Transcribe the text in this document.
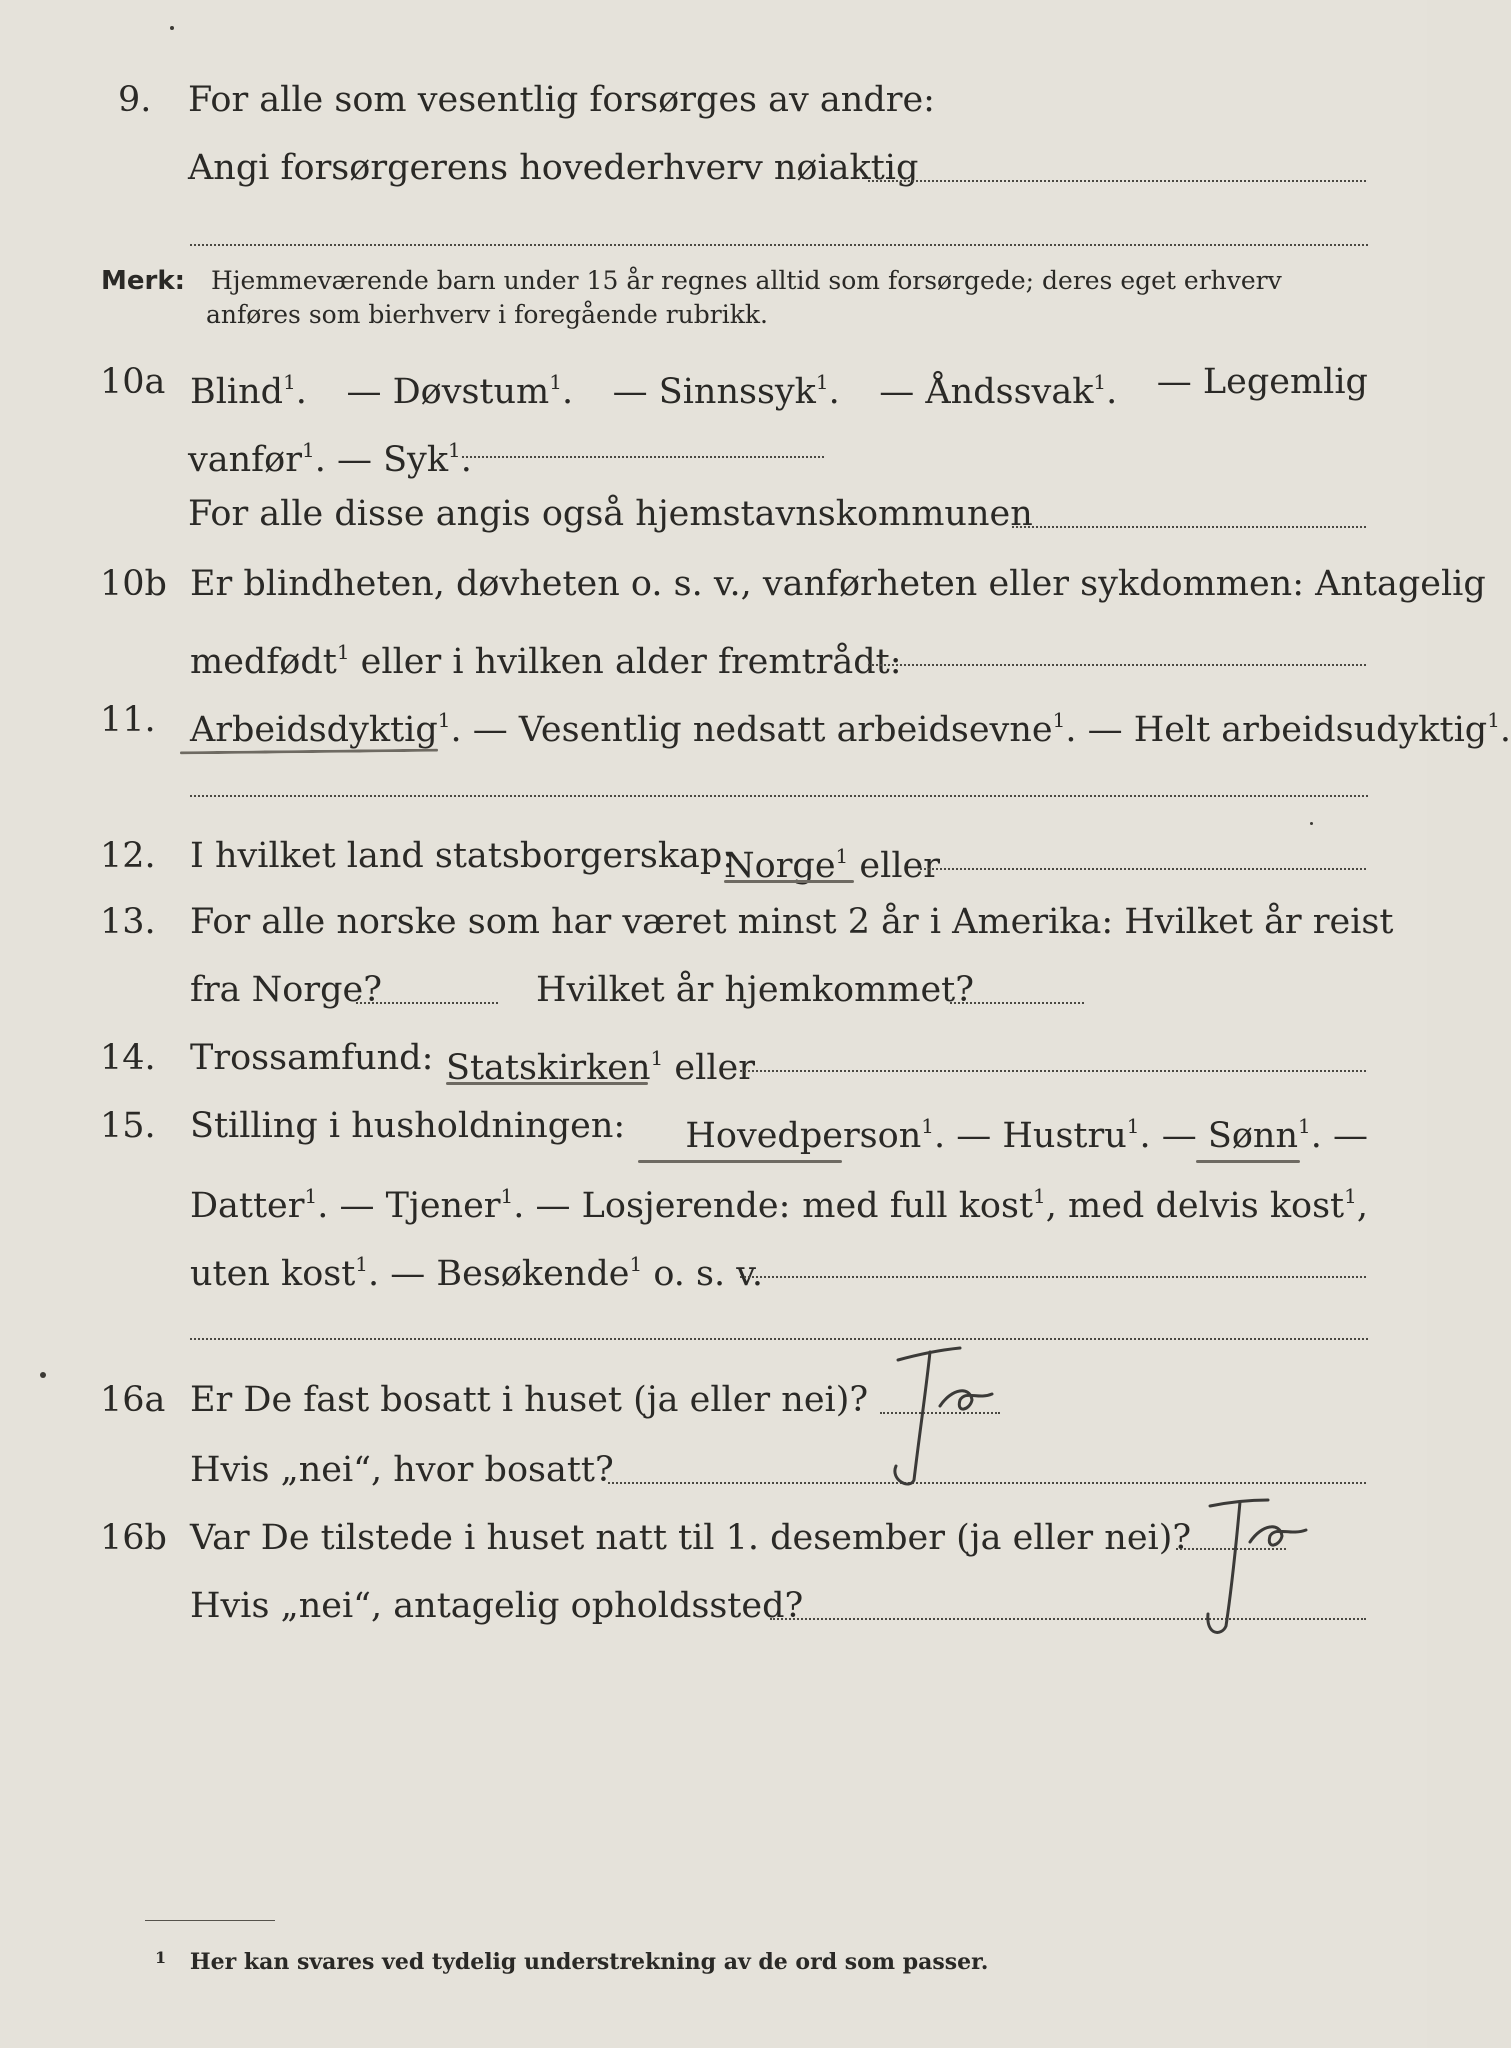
9. For alle som vesentlig forsørges av andre:
Angi forsørgerens hovederhverv nøiaktig
Merk: Hjemmeværende barn under 15 år regnes alltid som forsørgede; deres eget erhverv
anføres som bierhverv i foregående rubrikk.
10a Blind$^1$. — Døvstum$^1$. — Sinnssyk$^1$. — Åndssvak$^1$. — Legemlig
vanfør$^1$. — Syk$^1$.
For alle disse angis også hjemstavnskommunen
10b Er blindheten, døvheten o. s. v., vanførheten eller sykdommen: Antagelig
medfødt$^1$ eller i hvilken alder fremtrådt:
11. Arbeidsdyktig$^1$. — Vesentlig nedsatt arbeidsevne$^1$. — Helt arbeidsudyktig$^1$.
12. I hvilket land statsborgerskap:
Norge$^1$ eller
13. For alle norske som har været minst 2 år i Amerika: Hvilket år reist
fra Norge?	Hvilket år hjemkommet?
14. Trossamfund: Statskirken$^1$ eller
15. Stilling i husholdningen: Hovedperson$^1$. — Hustru$^1$. — Sønn$^1$. —
Datter$^1$. — Tjener$^1$. — Losjerende: med full kost$^1$, med delvis kost$^1$,
uten kost$^1$. — Besøkende$^1$ o. s. v.
16a Er De fast bosatt i huset (ja eller nei)?
Hvis „nei“, hvor bosatt?
16b Var De tilstede i huset natt til 1. desember (ja eller nei)?
Hvis „nei“, antagelig opholdssted?
$^1$ Her kan svares ved tydelig understrekning av de ord som passer.
